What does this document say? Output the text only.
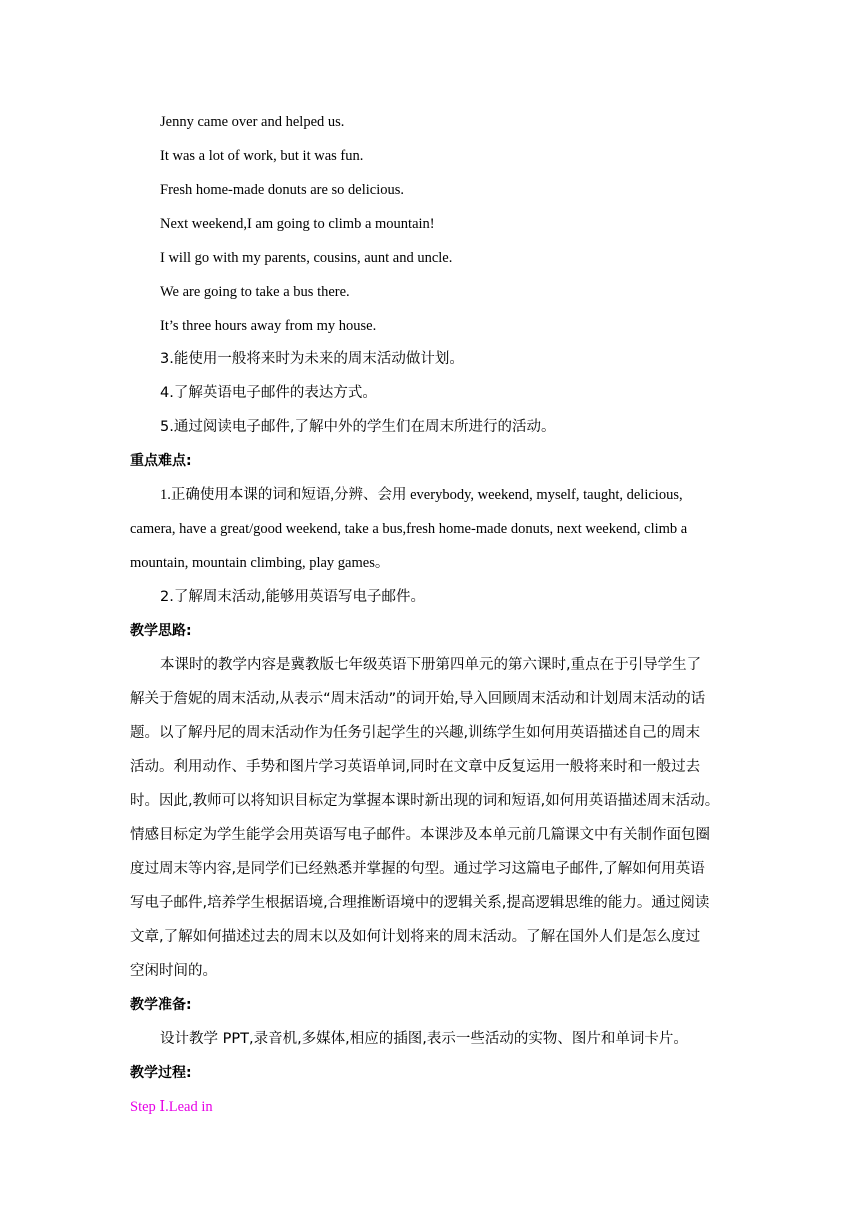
Jenny came over and helped us.
It was a lot of work, but it was fun.
Fresh home-made donuts are so delicious.
Next weekend,I am going to climb a mountain!
I will go with my parents, cousins, aunt and uncle.
We are going to take a bus there.
It’s three hours away from my house.
3.能使用一般将来时为未来的周末活动做计划。
4.了解英语电子邮件的表达方式。
5.通过阅读电子邮件,了解中外的学生们在周末所进行的活动。
重点难点:
1.正确使用本课的词和短语,分辨、会用 everybody, weekend, myself, taught, delicious,
camera, have a great/good weekend, take a bus,fresh home-made donuts, next weekend, climb a
mountain, mountain climbing, play games。
2.了解周末活动,能够用英语写电子邮件。
教学思路:
本课时的教学内容是冀教版七年级英语下册第四单元的第六课时,重点在于引导学生了
解关于詹妮的周末活动,从表示“周末活动”的词开始,导入回顾周末活动和计划周末活动的话
题。以了解丹尼的周末活动作为任务引起学生的兴趣,训练学生如何用英语描述自己的周末
活动。利用动作、手势和图片学习英语单词,同时在文章中反复运用一般将来时和一般过去
时。因此,教师可以将知识目标定为掌握本课时新出现的词和短语,如何用英语描述周末活动。
情感目标定为学生能学会用英语写电子邮件。本课涉及本单元前几篇课文中有关制作面包圈
度过周末等内容,是同学们已经熟悉并掌握的句型。通过学习这篇电子邮件,了解如何用英语
写电子邮件,培养学生根据语境,合理推断语境中的逻辑关系,提高逻辑思维的能力。通过阅读
文章,了解如何描述过去的周末以及如何计划将来的周末活动。了解在国外人们是怎么度过
空闲时间的。
教学准备:
设计教学 PPT,录音机,多媒体,相应的插图,表示一些活动的实物、图片和单词卡片。
教学过程:
Step Ⅰ.Lead in
